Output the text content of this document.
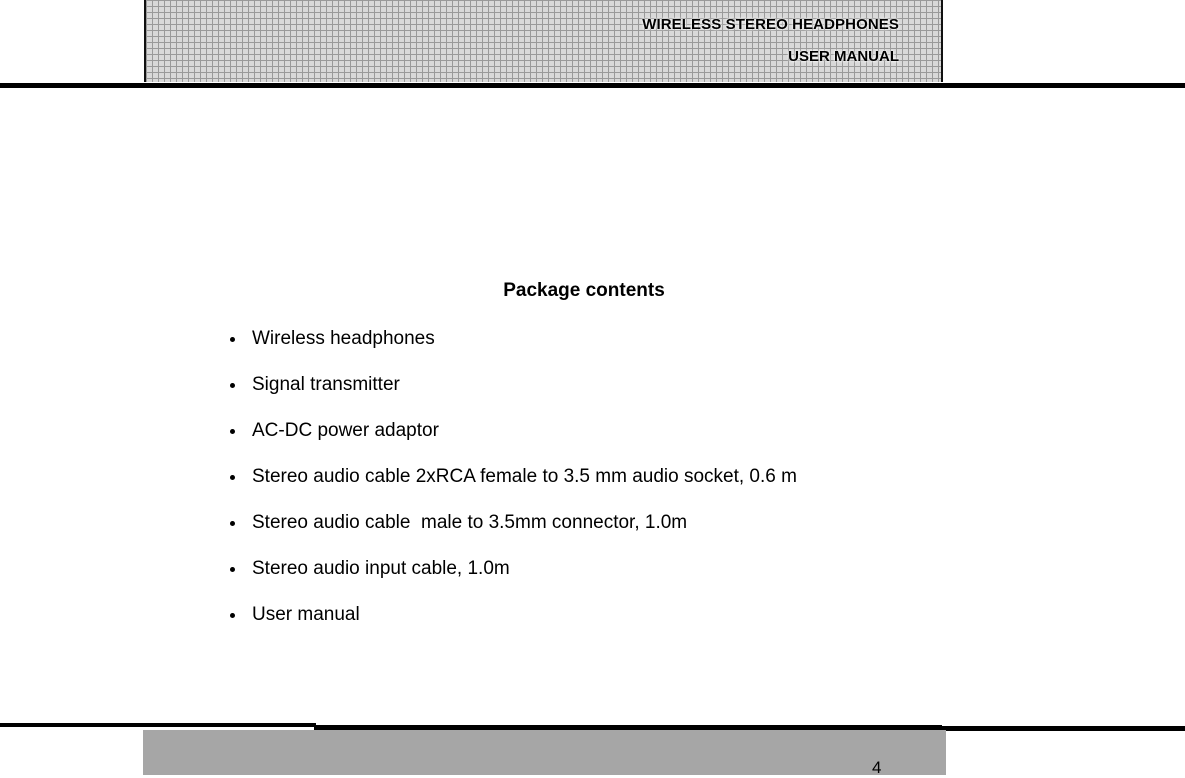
WIRELESS STEREO HEADPHONES
USER MANUAL
Package contents
Wireless headphones
Signal transmitter
AC-DC power adaptor
Stereo audio cable 2xRCA female to 3.5 mm audio socket, 0.6 m
Stereo audio cable  male to 3.5mm connector, 1.0m
Stereo audio input cable, 1.0m
User manual
4
